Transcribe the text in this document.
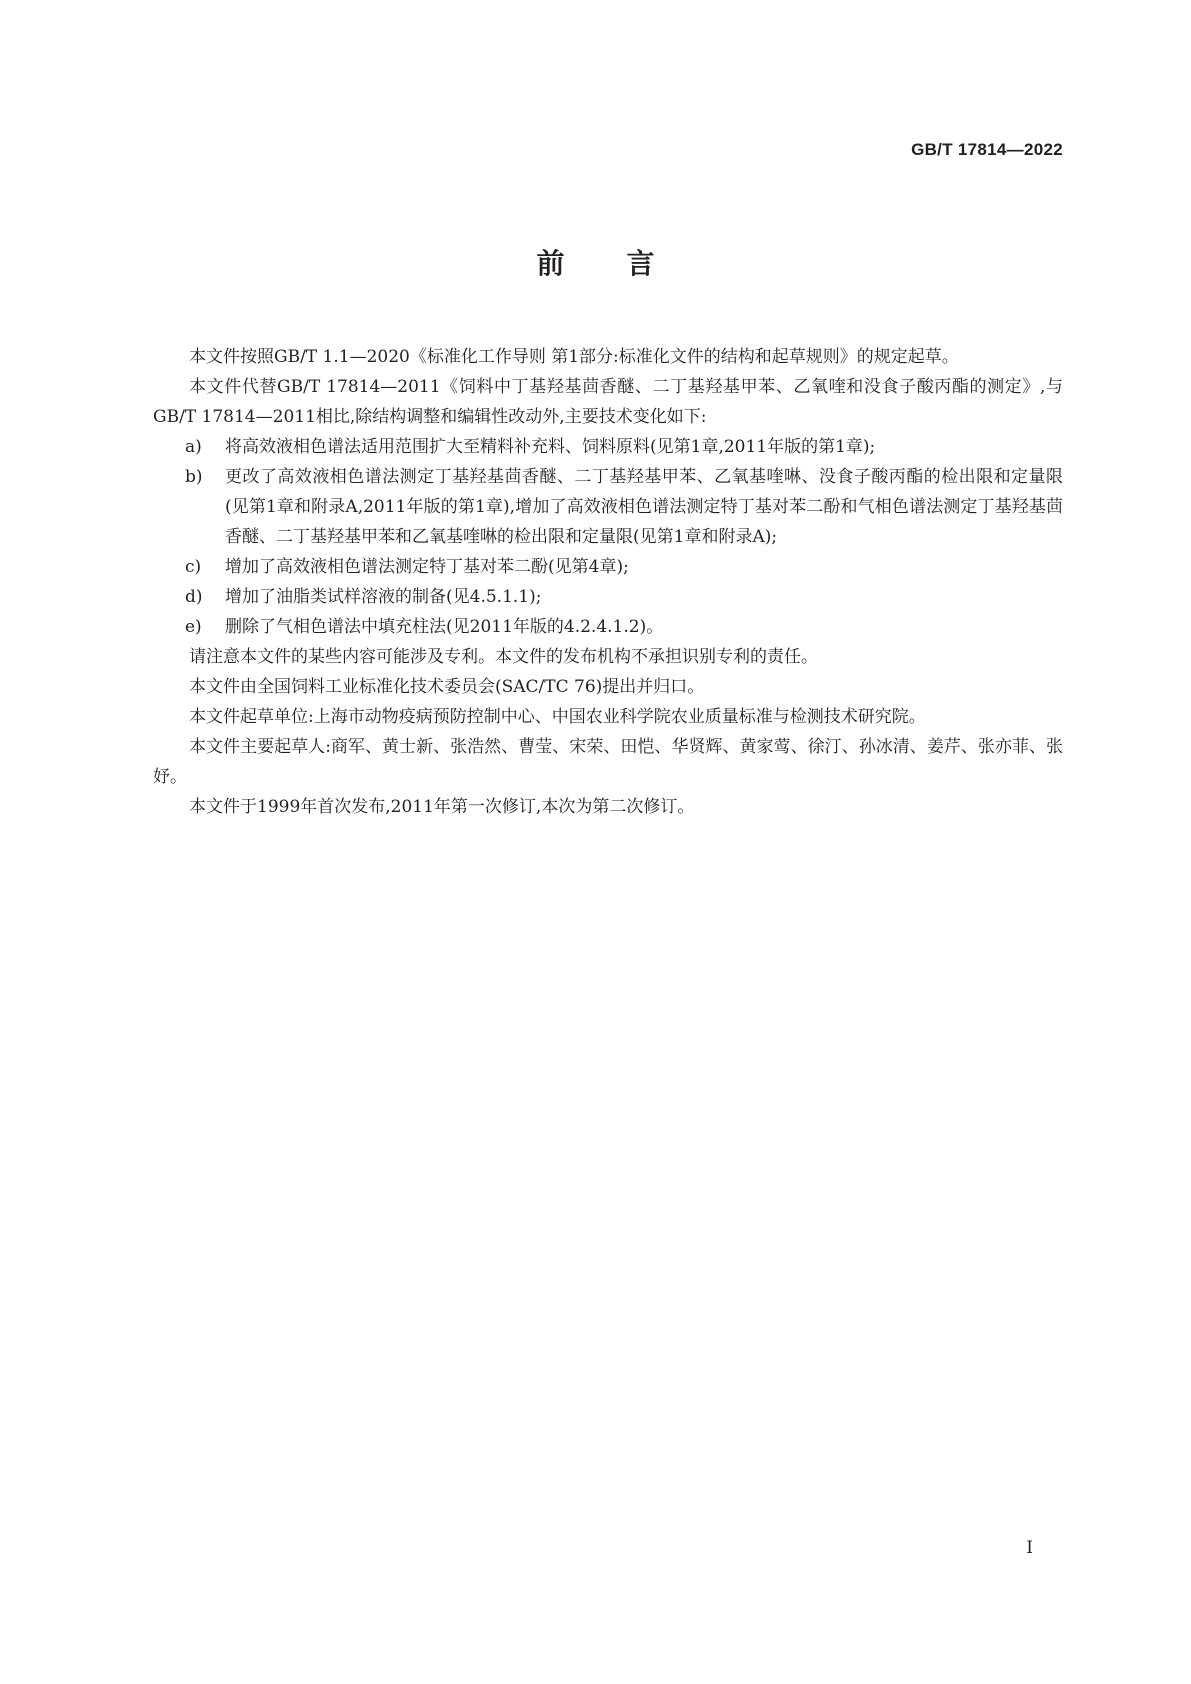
GB/T 17814—2022
前言

本文件按照GB/T 1.1—2020《标准化工作导则 第1部分:标准化文件的结构和起草规则》的规定起草。

本文件代替GB/T 17814—2011《饲料中丁基羟基茴香醚、二丁基羟基甲苯、乙氧喹和没食子酸丙酯的测定》,与GB/T 17814—2011相比,除结构调整和编辑性改动外,主要技术变化如下:

a) 将高效液相色谱法适用范围扩大至精料补充料、饲料原料(见第1章,2011年版的第1章);

b) 更改了高效液相色谱法测定丁基羟基茴香醚、二丁基羟基甲苯、乙氧基喹啉、没食子酸丙酯的检出限和定量限(见第1章和附录A,2011年版的第1章),增加了高效液相色谱法测定特丁基对苯二酚和气相色谱法测定丁基羟基茴香醚、二丁基羟基甲苯和乙氧基喹啉的检出限和定量限(见第1章和附录A);

c) 增加了高效液相色谱法测定特丁基对苯二酚(见第4章);

d) 增加了油脂类试样溶液的制备(见4.5.1.1);

e) 删除了气相色谱法中填充柱法(见2011年版的4.2.4.1.2)。

请注意本文件的某些内容可能涉及专利。本文件的发布机构不承担识别专利的责任。

本文件由全国饲料工业标准化技术委员会(SAC/TC 76)提出并归口。

本文件起草单位:上海市动物疫病预防控制中心、中国农业科学院农业质量标准与检测技术研究院。

本文件主要起草人:商军、黄士新、张浩然、曹莹、宋荣、田恺、华贤辉、黄家莺、徐汀、孙冰清、姜芹、张亦菲、张妤。

本文件于1999年首次发布,2011年第一次修订,本次为第二次修订。

I
